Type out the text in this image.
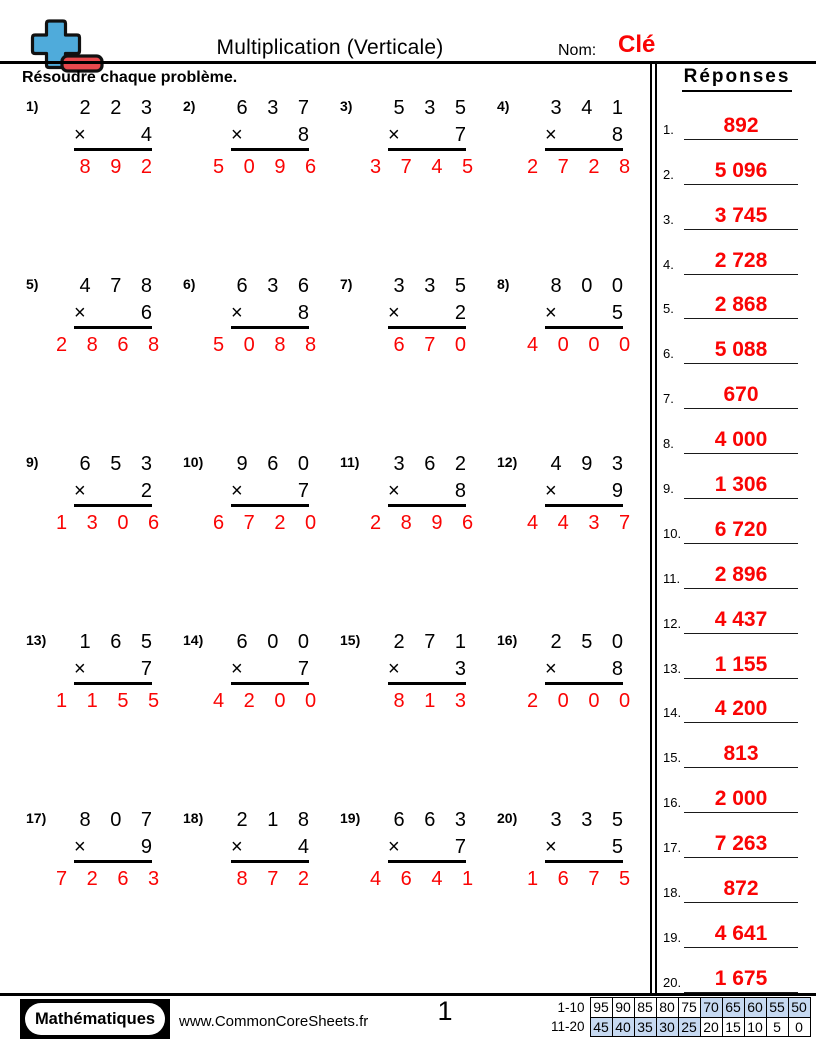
Multiplication (Verticale)	Nom: Clé
Résoudre chaque problème.
1)	2 2 3
×	4
8 9 2
2)	6 3 7
×	8
5 0 9 6
3)	5 3 5
×	7
3 7 4 5
4)	3 4 1
×	8
2 7 2 8
5)	4 7 8
×	6
2 8 6 8
6)	6 3 6
×	8
5 0 8 8
7)	3 3 5
×	2
6 7 0
8)	8 0 0
×	5
4 0 0 0
9)	6 5 3
×	2
1 3 0 6
10)	9 6 0
×	7
6 7 2 0
11)	3 6 2
×	8
2 8 9 6
12)	4 9 3
×	9
4 4 3 7
13)	1 6 5
×	7
1 1 5 5
14)	6 0 0
×	7
4 2 0 0
15)	2 7 1
×	3
8 1 3
16)	2 5 0
×	8
2 0 0 0
17)	8 0 7
×	9
7 2 6 3
18)	2 1 8
×	4
8 7 2
19)	6 6 3
×	7
4 6 4 1
20)	3 3 5
×	5
1 6 7 5
Réponses
1.	892
2.	5 096
3.	3 745
4.	2 728
5.	2 868
6.	5 088
7.	670
8.	4 000
9.	1 306
10.	6 720
11.	2 896
12.	4 437
13.	1 155
14.	4 200
15.	813
16.	2 000
17.	7 263
18.	872
19.	4 641
20.	1 675
Mathématiques	www.CommonCoreSheets.fr	1	1-10	95	90	85	80	75	70	65	60	55	50
11-20	45	40	35	30	25	20	15	10	5	0
